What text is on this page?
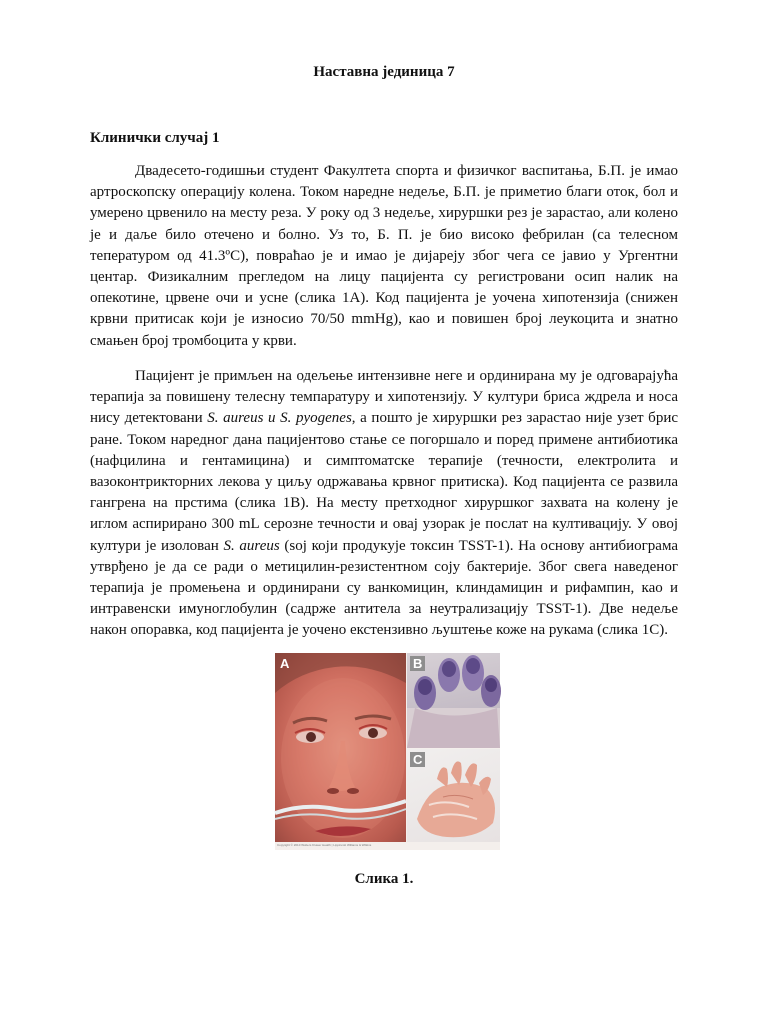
Наставна јединица 7
Клинички случај 1

Двадесето-годишњи студент Факултета спорта и физичког васпитања, Б.П. је имао артроскопску операцију колена. Током наредне недеље, Б.П. је приметио благи оток, бол и умерено црвенило на месту реза. У року од 3 недеље, хируршки рез је зарастао, али колено је и даље било отечено и болно. Уз то, Б. П. је био високо фебрилан (са телесном тепературом од 41.3ºC), повраћао је и имао је дијареју због чега се јавио у Ургентни центар. Физикалним прегледом на лицу пацијента су регистровани осип налик на опекотине, црвене очи и усне (слика 1А). Код пацијента је уочена хипотензија (снижен крвни притисак који је износио 70/50 mmHg), као и повишен број леукоцита и знатно смањен број тромбоцита у крви.

Пацијент је примљен на одељење интензивне неге и ординирана му је одговарајућа терапија за повишену телесну темпаратуру и хипотензију. У култури бриса ждрела и носа нису детектовани S. aureus u S. pyogenes, а пошто је хируршки рез зарастао није узет брис ране. Током наредног дана пацијентово стање се погоршало и поред примене антибиотика (нафцилина и гентамицина) и симптоматске терапије (течности, електролита и вазоконтрикторних лекова у циљу одржавања крвног притиска). Код пацијента се развила гангрена на прстима (слика 1B). На месту претходног хируршког захвата на колену је иглом аспирирано 300 mL серозне течности и овај узорак је послат на култивацију. У овој култури је изолован S. aureus (soj који продукује токсин TSST-1). На основу антибиограма утврђено је да се ради о метицилин-резистентном соју бактерије. Због свега наведеног терапија је промењена и ординирани су ванкомицин, клиндамицин и рифампин, као и интравенски имуноглобулин (садрже антитела за неутрализацију TSST-1). Две недеље након опоравка, код пацијента је уочено екстензивно љуштење коже на рукама (слика 1C).

A
Copyright © 2010 Wolters Kluwer Health | Lippincott Williams & Wilkins
B
C
Слика 1.
